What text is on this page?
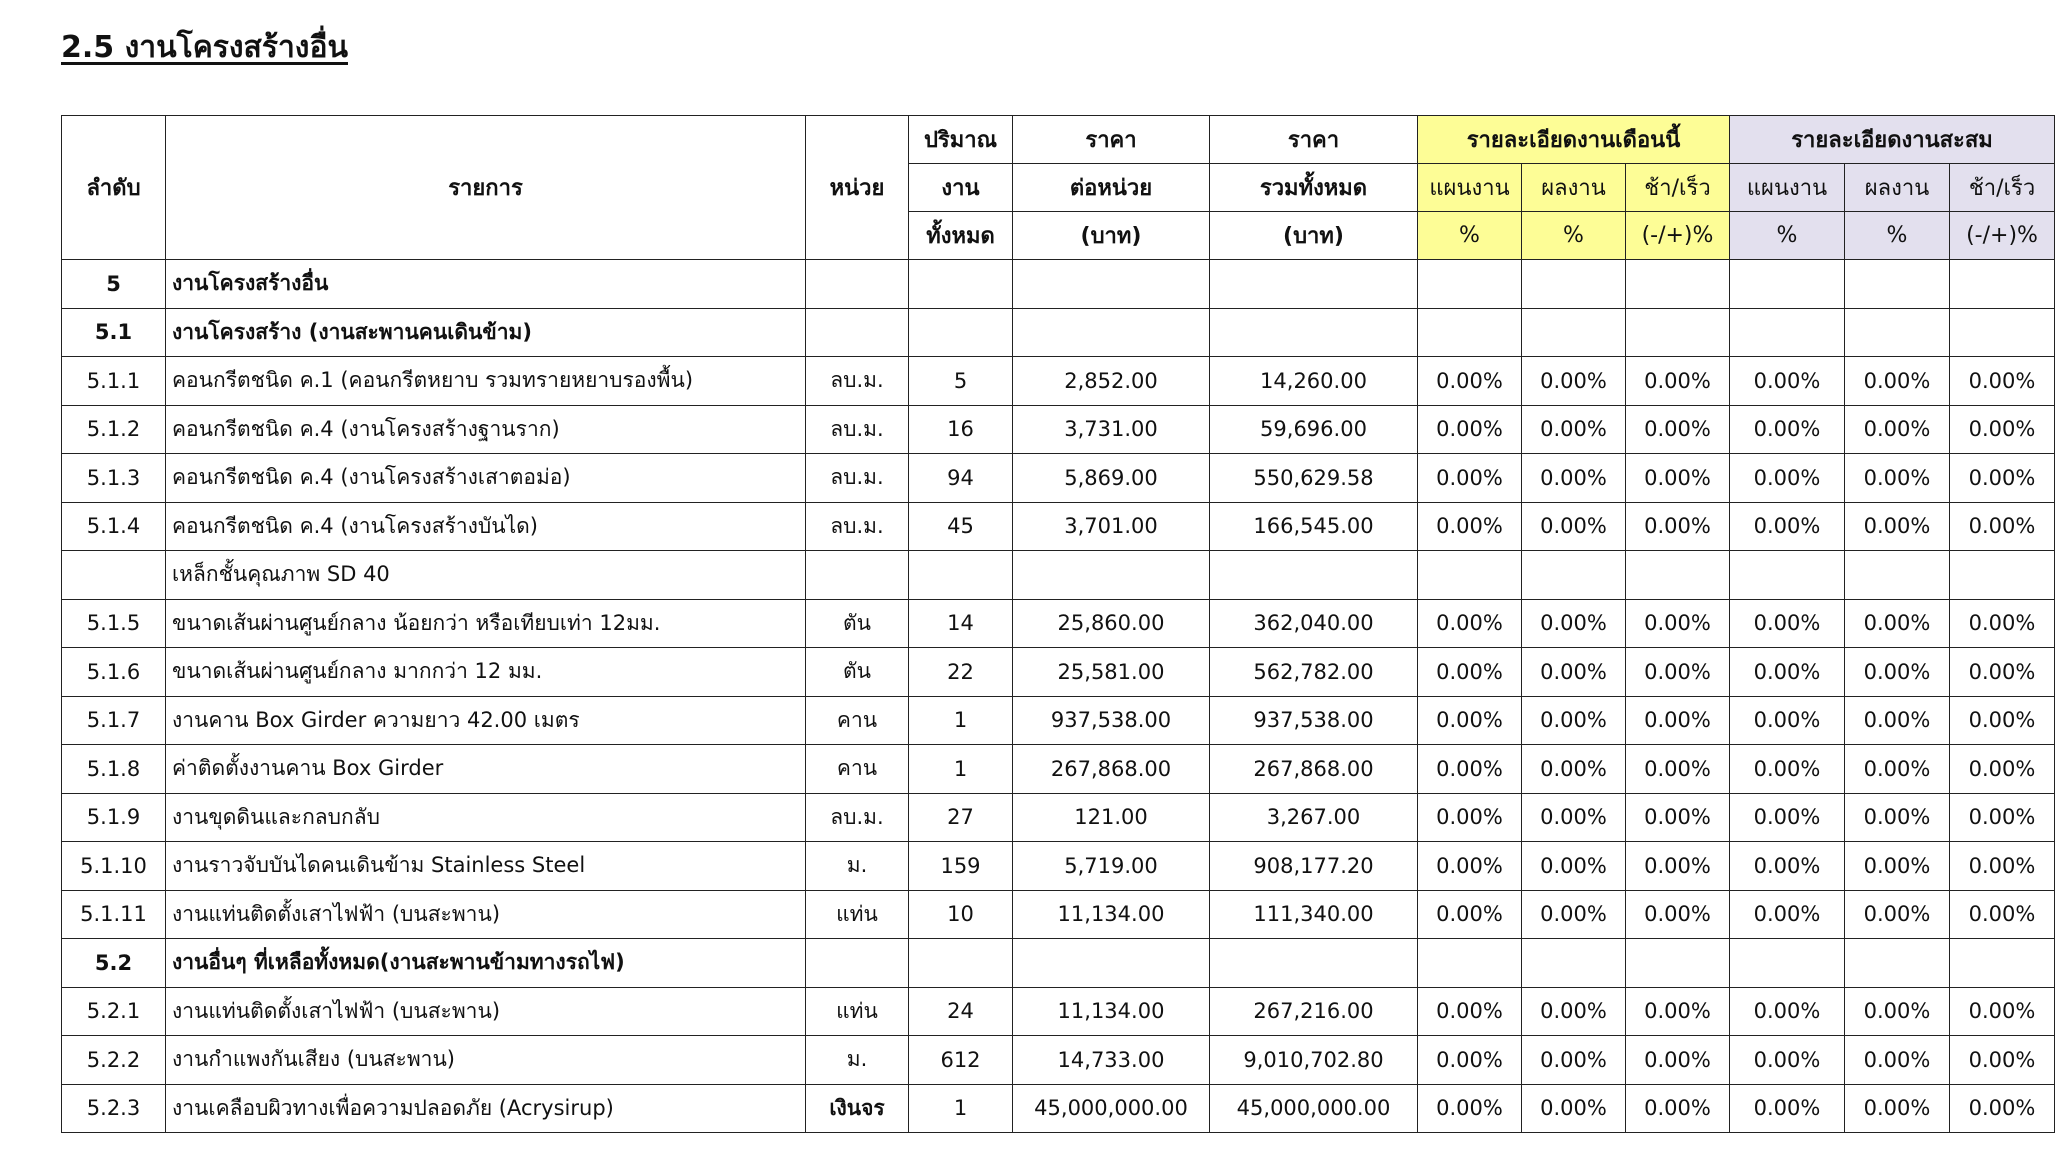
2.5 งานโครงสร้างอื่น
ลำดับ	รายการ	หน่วย	ปริมาณ	ราคา	ราคา	รายละเอียดงานเดือนนี้			รายละเอียดงานสะสม		
			งาน	ต่อหน่วย	รวมทั้งหมด	แผนงาน	ผลงาน	ช้า/เร็ว	แผนงาน	ผลงาน	ช้า/เร็ว
			ทั้งหมด	(บาท)	(บาท)	%	%	(-/+)%	%	%	(-/+)%
5	งานโครงสร้างอื่น										
5.1	งานโครงสร้าง (งานสะพานคนเดินข้าม)										
5.1.1	คอนกรีตชนิด ค.1 (คอนกรีตหยาบ รวมทรายหยาบรองพื้น)	ลบ.ม.	5	2,852.00	14,260.00	0.00%	0.00%	0.00%	0.00%	0.00%	0.00%
5.1.2	คอนกรีตชนิด ค.4 (งานโครงสร้างฐานราก)	ลบ.ม.	16	3,731.00	59,696.00	0.00%	0.00%	0.00%	0.00%	0.00%	0.00%
5.1.3	คอนกรีตชนิด ค.4 (งานโครงสร้างเสาตอม่อ)	ลบ.ม.	94	5,869.00	550,629.58	0.00%	0.00%	0.00%	0.00%	0.00%	0.00%
5.1.4	คอนกรีตชนิด ค.4 (งานโครงสร้างบันได)	ลบ.ม.	45	3,701.00	166,545.00	0.00%	0.00%	0.00%	0.00%	0.00%	0.00%
	เหล็กชั้นคุณภาพ SD 40										
5.1.5	ขนาดเส้นผ่านศูนย์กลาง น้อยกว่า หรือเทียบเท่า 12มม.	ตัน	14	25,860.00	362,040.00	0.00%	0.00%	0.00%	0.00%	0.00%	0.00%
5.1.6	ขนาดเส้นผ่านศูนย์กลาง มากกว่า 12 มม.	ตัน	22	25,581.00	562,782.00	0.00%	0.00%	0.00%	0.00%	0.00%	0.00%
5.1.7	งานคาน Box Girder ความยาว 42.00 เมตร	คาน	1	937,538.00	937,538.00	0.00%	0.00%	0.00%	0.00%	0.00%	0.00%
5.1.8	ค่าติดตั้งงานคาน Box Girder	คาน	1	267,868.00	267,868.00	0.00%	0.00%	0.00%	0.00%	0.00%	0.00%
5.1.9	งานขุดดินและกลบกลับ	ลบ.ม.	27	121.00	3,267.00	0.00%	0.00%	0.00%	0.00%	0.00%	0.00%
5.1.10	งานราวจับบันไดคนเดินข้าม Stainless Steel	ม.	159	5,719.00	908,177.20	0.00%	0.00%	0.00%	0.00%	0.00%	0.00%
5.1.11	งานแท่นติดตั้งเสาไฟฟ้า (บนสะพาน)	แท่น	10	11,134.00	111,340.00	0.00%	0.00%	0.00%	0.00%	0.00%	0.00%
5.2	งานอื่นๆ ที่เหลือทั้งหมด(งานสะพานข้ามทางรถไฟ)										
5.2.1	งานแท่นติดตั้งเสาไฟฟ้า (บนสะพาน)	แท่น	24	11,134.00	267,216.00	0.00%	0.00%	0.00%	0.00%	0.00%	0.00%
5.2.2	งานกำแพงกันเสียง (บนสะพาน)	ม.	612	14,733.00	9,010,702.80	0.00%	0.00%	0.00%	0.00%	0.00%	0.00%
5.2.3	งานเคลือบผิวทางเพื่อความปลอดภัย (Acrysirup)	เงินจร	1	45,000,000.00	45,000,000.00	0.00%	0.00%	0.00%	0.00%	0.00%	0.00%
